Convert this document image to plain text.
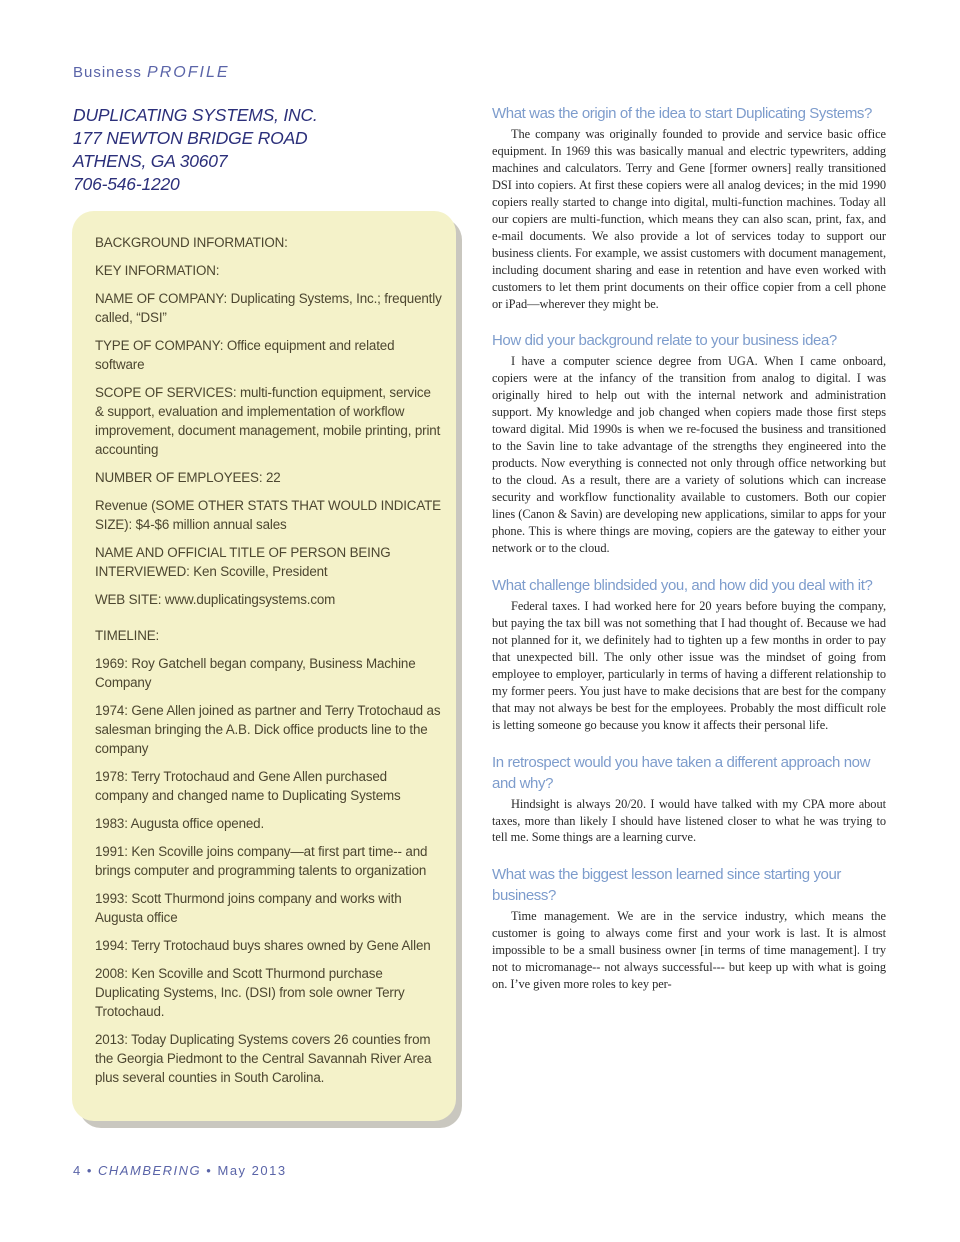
Business PROFILE
DUPLICATING SYSTEMS, INC.
177 NEWTON BRIDGE ROAD
ATHENS, GA 30607
706-546-1220

BACKGROUND INFORMATION:

KEY INFORMATION:

NAME OF COMPANY: Duplicating Systems, Inc.; frequently called, “DSI”

TYPE OF COMPANY: Office equipment and related software

SCOPE OF SERVICES: multi-function equipment, service & support, evaluation and implementation of workflow improvement, document management, mobile printing, print accounting

NUMBER OF EMPLOYEES: 22

Revenue (SOME OTHER STATS THAT WOULD INDICATE SIZE): $4-$6 million annual sales

NAME AND OFFICIAL TITLE OF PERSON BEING INTERVIEWED: Ken Scoville, President

WEB SITE: www.duplicatingsystems.com

TIMELINE:

1969: Roy Gatchell began company, Business Machine Company

1974: Gene Allen joined as partner and Terry Trotochaud as salesman bringing the A.B. Dick office products line to the company

1978: Terry Trotochaud and Gene Allen purchased company and changed name to Duplicating Systems

1983: Augusta office opened.

1991: Ken Scoville joins company—at first part time-- and brings computer and programming talents to organization

1993: Scott Thurmond joins company and works with Augusta office

1994: Terry Trotochaud buys shares owned by Gene Allen

2008: Ken Scoville and Scott Thurmond purchase Duplicating Systems, Inc. (DSI) from sole owner Terry Trotochaud.

2013: Today Duplicating Systems covers 26 counties from the Georgia Piedmont to the Central Savannah River Area plus several counties in South Carolina.

What was the origin of the idea to start Duplicating Systems?

The company was originally founded to provide and service basic office equipment. In 1969 this was basically manual and electric typewriters, adding machines and calculators. Terry and Gene [former owners] really transitioned DSI into copiers. At first these copiers were all analog devices; in the mid 1990 copiers really started to change into digital, multi-function machines. Today all our copiers are multi-function, which means they can also scan, print, fax, and e-mail documents. We also provide a lot of services today to support our business clients. For example, we assist customers with document management, including document sharing and ease in retention and have even worked with customers to let them print documents on their office copier from a cell phone or iPad—wherever they might be.

How did your background relate to your business idea?

I have a computer science degree from UGA. When I came onboard, copiers were at the infancy of the transition from analog to digital. I was originally hired to help out with the internal network and administration support. My knowledge and job changed when copiers made those first steps toward digital. Mid 1990s is when we re-focused the business and transitioned to the Savin line to take advantage of the strengths they engineered into the products. Now everything is connected not only through office networking but to the cloud. As a result, there are a variety of solutions which can increase security and workflow functionality available to customers. Both our copier lines (Canon & Savin) are developing new applications, similar to apps for your phone. This is where things are moving, copiers are the gateway to either your network or to the cloud.

What challenge blindsided you, and how did you deal with it?

Federal taxes. I had worked here for 20 years before buying the company, but paying the tax bill was not something that I had thought of. Because we had not planned for it, we definitely had to tighten up a few months in order to pay that unexpected bill. The only other issue was the mindset of going from employee to employer, particularly in terms of having a different relationship to my former peers. You just have to make decisions that are best for the company that may not always be best for the employees. Probably the most difficult role is letting someone go because you know it affects their personal life.

In retrospect would you have taken a different approach now and why?

Hindsight is always 20/20. I would have talked with my CPA more about taxes, more than likely I should have listened closer to what he was trying to tell me. Some things are a learning curve.

What was the biggest lesson learned since starting your business?

Time management. We are in the service industry, which means the customer is going to always come first and your work is last. It is almost impossible to be a small business owner [in terms of time management]. I try not to micromanage-- not always successful--- but keep up with what is going on. I’ve given more roles to key per-

4 • CHAMBERING • May 2013
